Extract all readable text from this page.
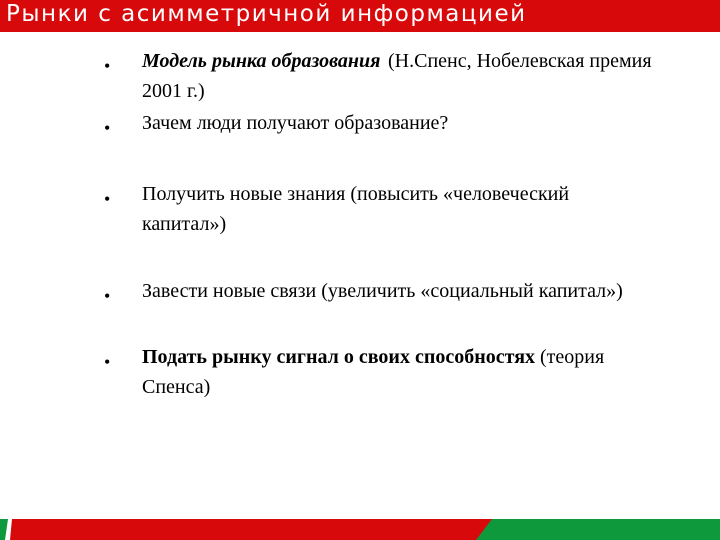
Рынки с асимметричной информацией
• Модель рынка образования (Н.Спенс, Нобелевская премия
2001 г.)
• Зачем люди получают образование?
• Получить новые знания (повысить «человеческий
капитал»)
• Завести новые связи (увеличить «социальный капитал»)
• Подать рынку сигнал о своих способностях (теория
Спенса)
